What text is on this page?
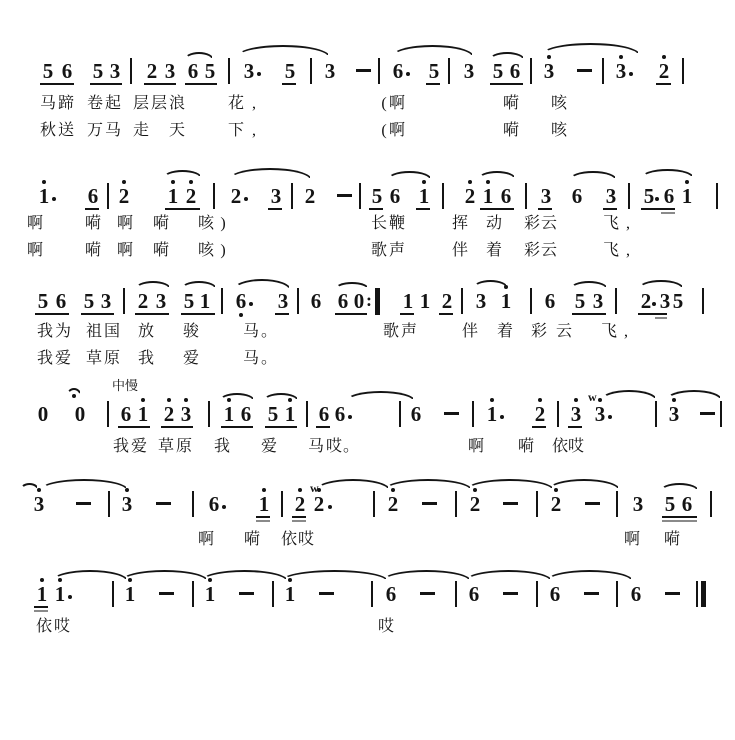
中慢
5 6 5 3 2 3 6 5 3 5 3	6 5 3 5 6 3	3 2
马 蹄 卷 起 层 层 浪	花 ,	( 啊	嗬 咳
秋 送 万 马 走 天	下 ,	( 啊	嗬 咳
1 6 2 1 2 2 3 2	5 6 1 2 1 6 3 6 3 5 6 1
啊	嗬 啊 嗬 咳 )	长 鞭	挥 动 彩 云	飞 ,
啊	嗬 啊 嗬 咳 )	歌 声	伴 着 彩 云	飞 ,
5 6 5 3 2 3 5 1 6 3 6 6 0 : 1 1 2 3 1 6 5 3 2 3 5
我 为 祖 国 放 骏	马 。	歌 声	伴 着 彩 云 飞 ,
我 爱 草 原 我 爱	马 。
0 0 6 1 2 3 1 6 5 1 6 6	6	1 2 3 3	3
w
我 爱 草 原 我 爱 马 哎 。	啊 嗬 依 哎
3	3	6 1 2 2	2	2	2	3 5 6
w
啊 嗬 依 哎	啊 嗬
1 1	1	1	1	6	6	6	6
依 哎	哎
